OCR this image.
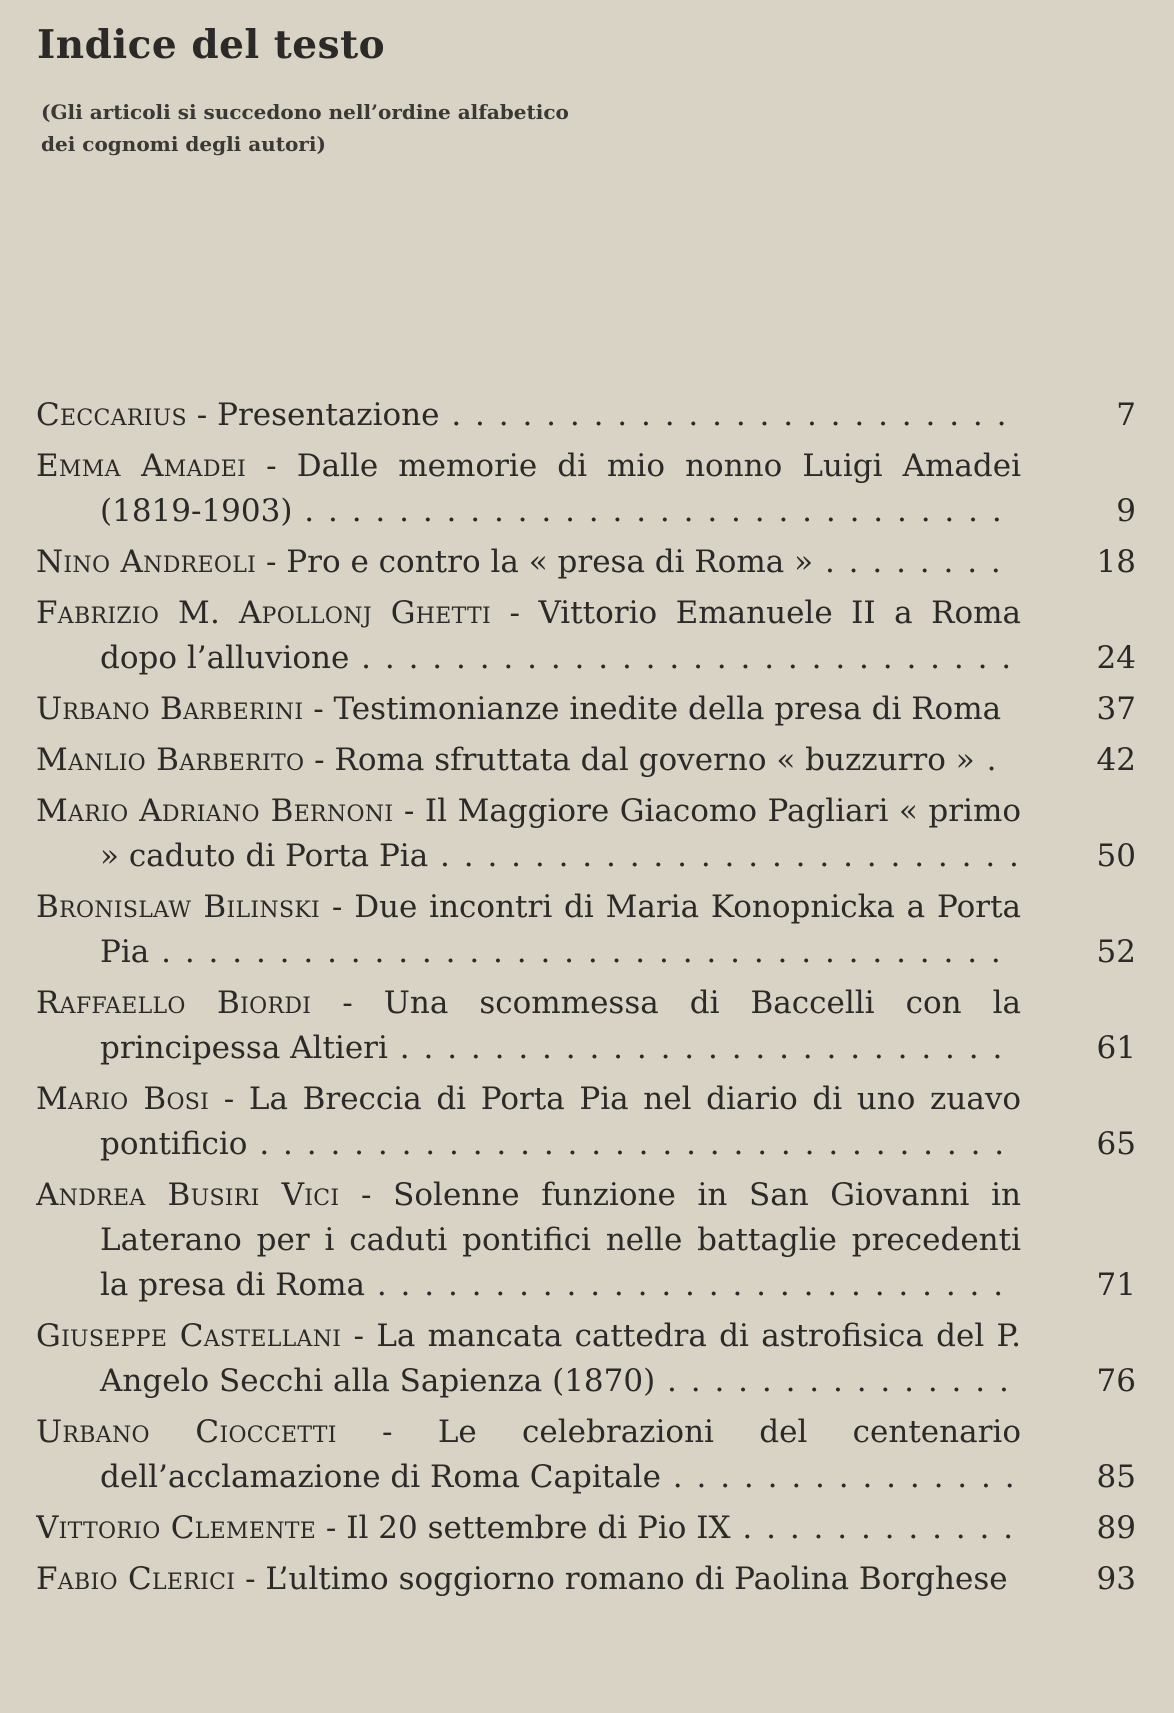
Indice del testo
(Gli articoli si succedono nell’ordine alfabetico
dei cognomi degli autori)
Ceccarius - Presentazione . . . . . . . . . . . . . . . . . . . . . . . .	7
Emma Amadei - Dalle memorie di mio nonno Luigi Amadei (1819-1903) . . . . . . . . . . . . . . . . . . . . . . . . . . . . . .	9
Nino Andreoli - Pro e contro la « presa di Roma » . . . . . . . .	18
Fabrizio M. Apollonj Ghetti - Vittorio Emanuele II a Roma dopo l’alluvione . . . . . . . . . . . . . . . . . . . . . . . . . . . .	24
Urbano Barberini - Testimonianze inedite della presa di Roma	37
Manlio Barberito - Roma sfruttata dal governo « buzzurro » .	42
Mario Adriano Bernoni - Il Maggiore Giacomo Pagliari « primo » caduto di Porta Pia . . . . . . . . . . . . . . . . . . . . . . . . .	50
Bronislaw Bilinski - Due incontri di Maria Konopnicka a Porta Pia . . . . . . . . . . . . . . . . . . . . . . . . . . . . . . . . . . . .	52
Raffaello Biordi - Una scommessa di Baccelli con la principessa Altieri . . . . . . . . . . . . . . . . . . . . . . . . . .	61
Mario Bosi - La Breccia di Porta Pia nel diario di uno zuavo pontificio . . . . . . . . . . . . . . . . . . . . . . . . . . . . . . . .	65
Andrea Busiri Vici - Solenne funzione in San Giovanni in Laterano per i caduti pontifici nelle battaglie precedenti la presa di Roma . . . . . . . . . . . . . . . . . . . . . . . . . . .	71
Giuseppe Castellani - La mancata cattedra di astrofisica del P. Angelo Secchi alla Sapienza (1870) . . . . . . . . . . . . . . .	76
Urbano Cioccetti - Le celebrazioni del centenario dell’acclamazione di Roma Capitale . . . . . . . . . . . . . . .	85
Vittorio Clemente - Il 20 settembre di Pio IX . . . . . . . . . . . .	89
Fabio Clerici - L’ultimo soggiorno romano di Paolina Borghese	93
